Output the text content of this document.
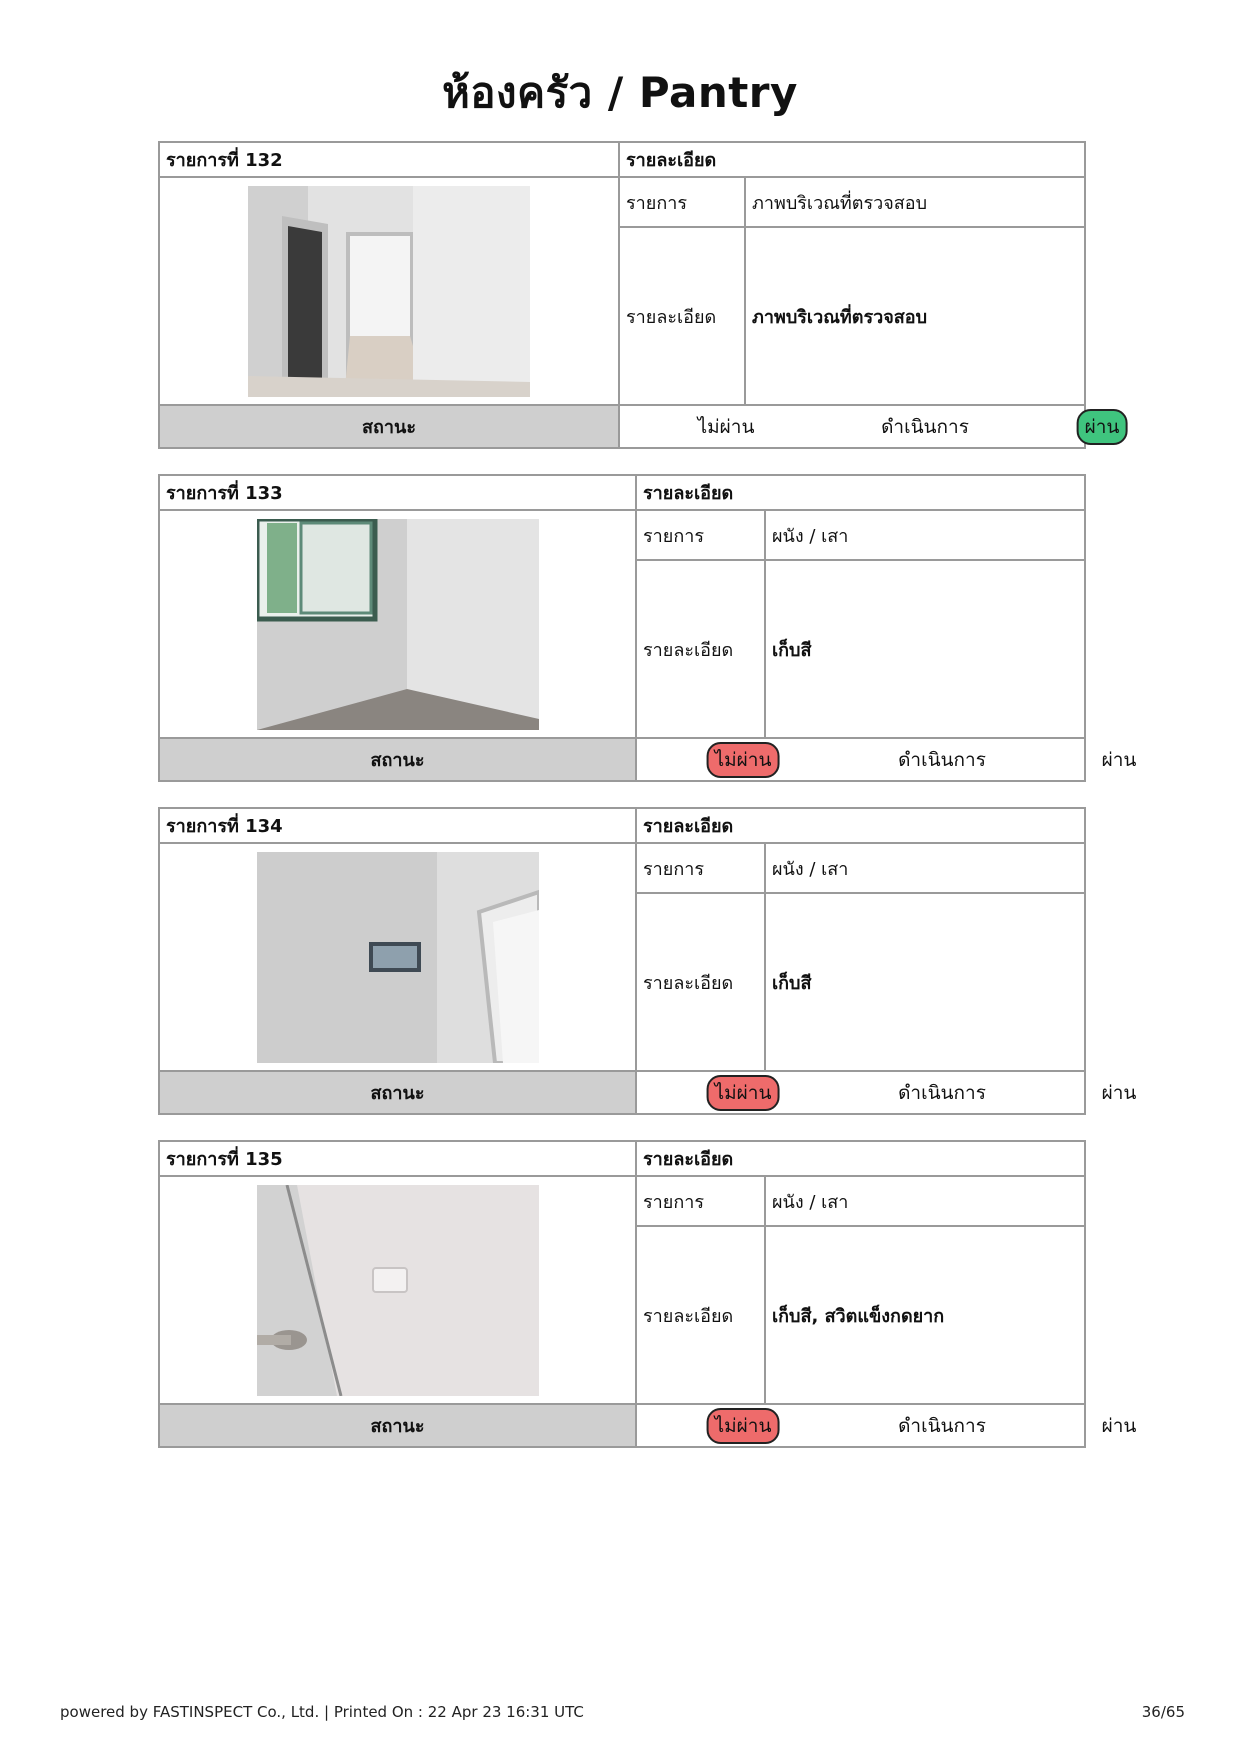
ห้องครัว / Pantry
รายการที่ 132	รายละเอียด	

	รายการ	ภาพบริเวณที่ตรวจสอบ
	รายละเอียด	ภาพบริเวณที่ตรวจสอบ
สถานะ	ไม่ผ่าน ดำเนินการ ผ่าน	
รายการที่ 133	รายละเอียด	

	รายการ	ผนัง / เสา
	รายละเอียด	เก็บสี
สถานะ	ไม่ผ่าน ดำเนินการ ผ่าน	
รายการที่ 134	รายละเอียด	

	รายการ	ผนัง / เสา
	รายละเอียด	เก็บสี
สถานะ	ไม่ผ่าน ดำเนินการ ผ่าน	
รายการที่ 135	รายละเอียด	

	รายการ	ผนัง / เสา
	รายละเอียด	เก็บสี, สวิตแข็งกดยาก
สถานะ	ไม่ผ่าน ดำเนินการ ผ่าน	
powered by FASTINSPECT Co., Ltd. | Printed On : 22 Apr 23 16:31 UTC	36/65
